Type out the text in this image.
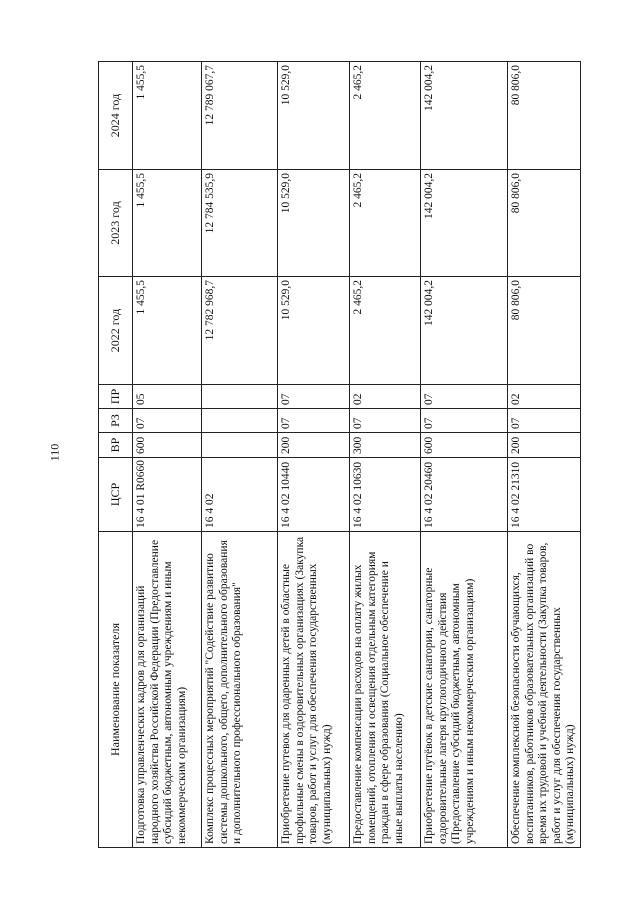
110
Наименование показателя	ЦСР	ВР	РЗ	ПР	2022 год	2023 год	2024 год
Подготовка управленческих кадров для организаций народного хозяйства Российской Федерации (Предоставление субсидий бюджетным, автономным учреждениям и иным некоммерческим организациям)	16 4 01 R0660	600	07	05	1 455,5	1 455,5	1 455,5
Комплекс процессных мероприятий "Содействие развитию системы дошкольного, общего, дополнительного образования и дополнительного профессионального образования"	16 4 02				12 782 968,7	12 784 535,9	12 789 067,7
Приобретение путевок для одаренных детей в областные профильные смены в оздоровительных организациях (Закупка товаров, работ и услуг для обеспечения государственных (муниципальных) нужд)	16 4 02 10440	200	07	07	10 529,0	10 529,0	10 529,0
Предоставление компенсации расходов на оплату жилых помещений, отопления и освещения отдельным категориям граждан в сфере образования (Социальное обеспечение и иные выплаты населению)	16 4 02 10630	300	07	02	2 465,2	2 465,2	2 465,2
Приобретение путёвок в детские санатории, санаторные оздоровительные лагеря круглогодичного действия (Предоставление субсидий бюджетным, автономным учреждениям и иным некоммерческим организациям)	16 4 02 20460	600	07	07	142 004,2	142 004,2	142 004,2
Обеспечение комплексной безопасности обучающихся, воспитанников, работников образовательных организаций во время их трудовой и учебной деятельности (Закупка товаров, работ и услуг для обеспечения государственных (муниципальных) нужд)	16 4 02 21310	200	07	02	80 806,0	80 806,0	80 806,0
